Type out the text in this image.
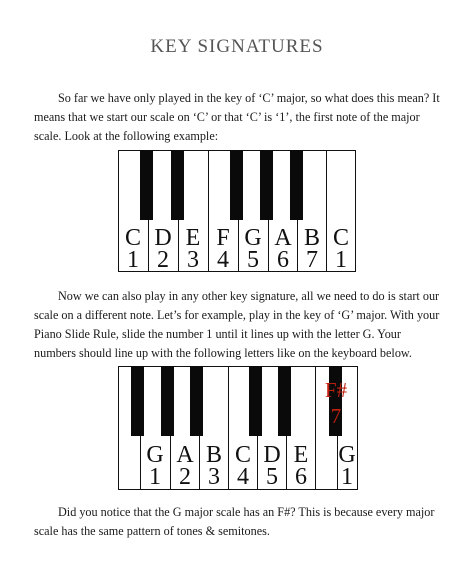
KEY SIGNATURES

So far we have only played in the key of ‘C’ major, so what does this mean? It means that we start our scale on ‘C’ or that ‘C’ is ‘1’, the first note of the major scale. Look at the following example:

C D E F G A B C
1 2 3 4 5 6 7 1

Now we can also play in any other key signature, all we need to do is start our scale on a different note. Let’s for example, play in the key of ‘G’ major. With your Piano Slide Rule, slide the number 1 until it lines up with the letter G. Your numbers should line up with the following letters like on the keyboard below.

F#
7
G A B C D E	G
1 2 3 4 5 6	1

Did you notice that the G major scale has an F#? This is because every major scale has the same pattern of tones & semitones.
